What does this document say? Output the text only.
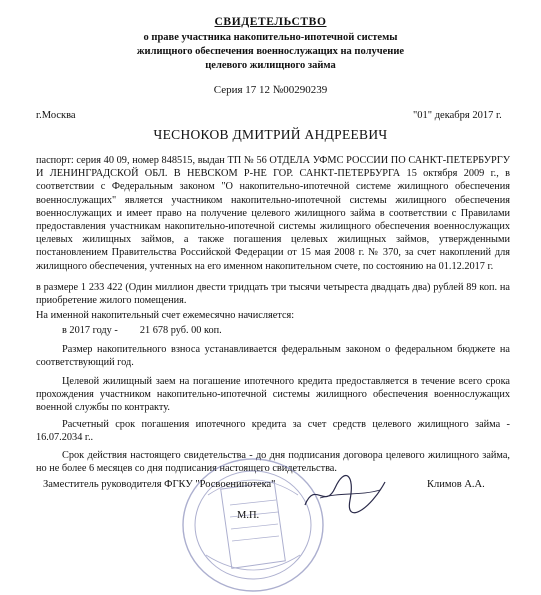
СВИДЕТЕЛЬСТВО
о праве участника накопительно-ипотечной системы
жилищного обеспечения военнослужащих на получение
целевого жилищного займа
Серия 17 12 №00290239
г.Москва	"01" декабря 2017 г.
ЧЕСНОКОВ ДМИТРИЙ АНДРЕЕВИЧ
паспорт: серия 40 09, номер 848515, выдан ТП № 56 ОТДЕЛА УФМС РОССИИ ПО САНКТ-ПЕТЕРБУРГУ И ЛЕНИНГРАДСКОЙ ОБЛ. В НЕВСКОМ Р-НЕ ГОР. САНКТ-ПЕТЕРБУРГА 15 октября 2009 г., в соответствии с Федеральным законом "О накопительно-ипотечной системе жилищного обеспечения военнослужащих" является участником накопительно-ипотечной системы жилищного обеспечения военнослужащих и имеет право на получение целевого жилищного займа в соответствии с Правилами предоставления участникам накопительно-ипотечной системы жилищного обеспечения военнослужащих целевых жилищных займов, а также погашения целевых жилищных займов, утвержденными постановлением Правительства Российской Федерации от 15 мая 2008 г. № 370, за счет накоплений для жилищного обеспечения, учтенных на его именном накопительном счете, по состоянию на 01.12.2017 г.
в размере 1 233 422 (Один миллион двести тридцать три тысячи четыреста двадцать два) рублей 89 коп. на приобретение жилого помещения.
На именной накопительный счет ежемесячно начисляется:
в 2017 году - 21 678 руб. 00 коп.
Размер накопительного взноса устанавливается федеральным законом о федеральном бюджете на соответствующий год.
Целевой жилищный заем на погашение ипотечного кредита предоставляется в течение всего срока прохождения участником накопительно-ипотечной системы жилищного обеспечения военнослужащих военной службы по контракту.
Расчетный срок погашения ипотечного кредита за счет средств целевого жилищного займа - 16.07.2034 г..
Срок действия настоящего свидетельства - до дня подписания договора целевого жилищного займа, но не более 6 месяцев со дня подписания настоящего свидетельства.
Заместитель руководителя ФГКУ "Росвоенипотека"	Климов А.А.
М.П.
